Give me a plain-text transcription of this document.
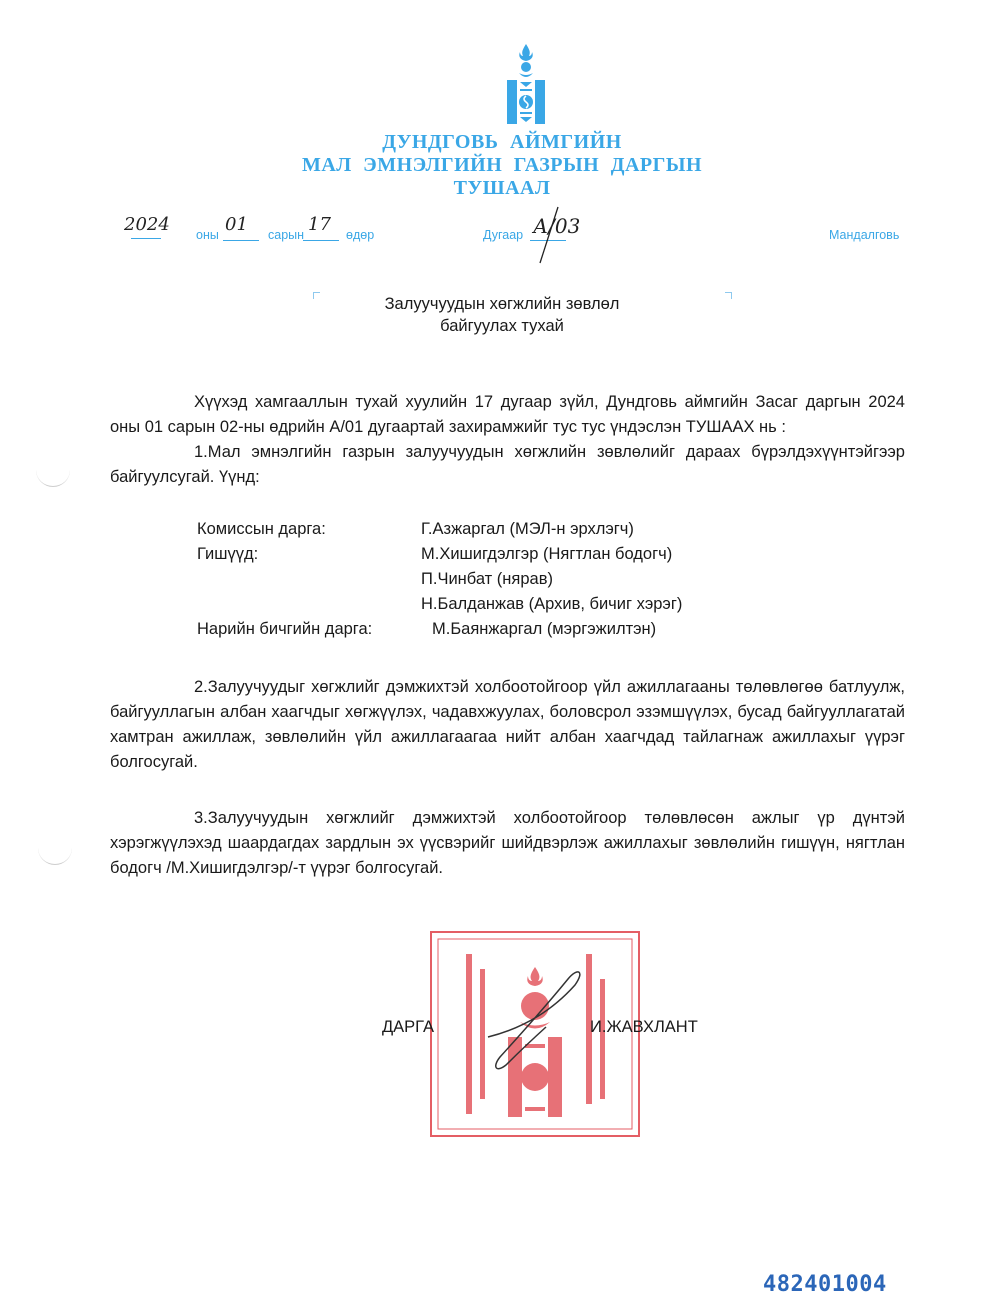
ДУНДГОВЬ АЙМГИЙН
МАЛ ЭМНЭЛГИЙН ГАЗРЫН ДАРГЫН
ТУШААЛ
2024 оны 01 сарын 17 өдөр	Дугаар А/03	Мандалговь
Залуучуудын хөгжлийн зөвлөл
байгуулах тухай
Хүүхэд хамгааллын тухай хуулийн 17 дугаар зүйл, Дундговь аймгийн Засаг даргын 2024 оны 01 сарын 02-ны өдрийн А/01 дугаартай захирамжийг тус тус үндэслэн ТУШААХ нь :
1.Мал эмнэлгийн газрын залуучуудын хөгжлийн зөвлөлийг дараах бүрэлдэхүүнтэйгээр байгуулсугай. Үүнд:
Комиссын дарга:	Г.Азжаргал (МЭЛ-н эрхлэгч)
Гишүүд:	М.Хишигдэлгэр (Нягтлан бодогч)
П.Чинбат (нярав)
Н.Балданжав (Архив, бичиг хэрэг)
Нарийн бичгийн дарга:	М.Баянжаргал (мэргэжилтэн)
2.Залуучуудыг хөгжлийг дэмжихтэй холбоотойгоор үйл ажиллагааны төлөвлөгөө батлуулж, байгууллагын албан хаагчдыг хөгжүүлэх, чадавхжуулах, боловсрол эзэмшүүлэх, бусад байгууллагатай хамтран ажиллаж, зөвлөлийн үйл ажиллагаагаа нийт албан хаагчдад тайлагнаж ажиллахыг үүрэг болгосугай.
3.Залуучуудын хөгжлийг дэмжихтэй холбоотойгоор төлөвлөсөн ажлыг үр дүнтэй хэрэгжүүлэхэд шаардагдах зардлын эх үүсвэрийг шийдвэрлэж ажиллахыг зөвлөлийн гишүүн, нягтлан бодогч /М.Хишигдэлгэр/-т үүрэг болгосугай.
ДАРГА	И.ЖАВХЛАНТ
482401004
